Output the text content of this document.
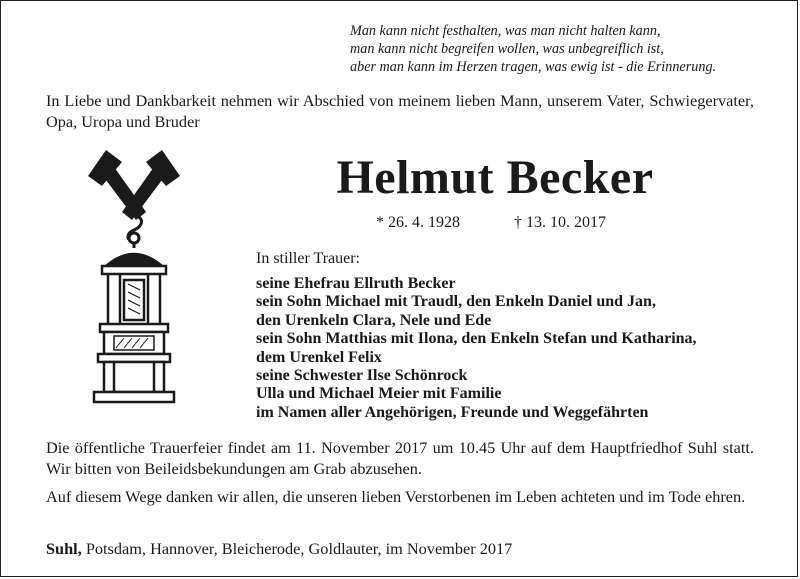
Man kann nicht festhalten, was man nicht halten kann,
man kann nicht begreifen wollen, was unbegreiflich ist,
aber man kann im Herzen tragen, was ewig ist - die Erinnerung.
In Liebe und Dankbarkeit nehmen wir Abschied von meinem lieben Mann, unserem Vater, Schwiegervater, Opa, Uropa und Bruder
Helmut Becker
* 26. 4. 1928	† 13. 10. 2017
In stiller Trauer:
seine Ehefrau Ellruth Becker
sein Sohn Michael mit Traudl, den Enkeln Daniel und Jan,
den Urenkeln Clara, Nele und Ede
sein Sohn Matthias mit Ilona, den Enkeln Stefan und Katharina,
dem Urenkel Felix
seine Schwester Ilse Schönrock
Ulla und Michael Meier mit Familie
im Namen aller Angehörigen, Freunde und Weggefährten
Die öffentliche Trauerfeier findet am 11. November 2017 um 10.45 Uhr auf dem Hauptfriedhof Suhl statt. Wir bitten von Beileidsbekundungen am Grab abzusehen.
Auf diesem Wege danken wir allen, die unseren lieben Verstorbenen im Leben achteten und im Tode ehren.
Suhl, Potsdam, Hannover, Bleicherode, Goldlauter, im November 2017
